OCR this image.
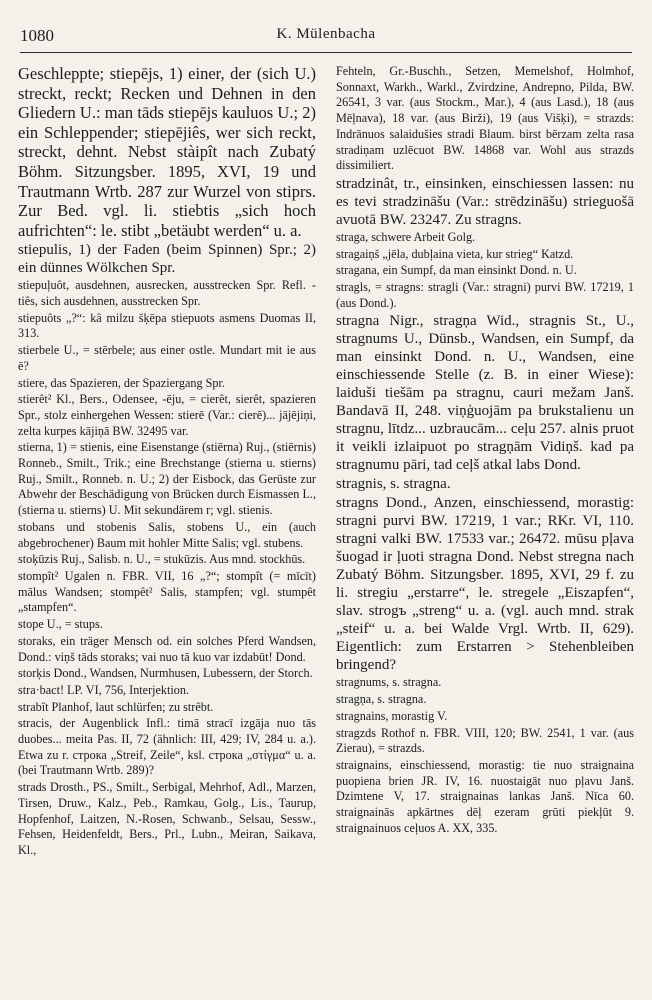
1080	K. Mülenbacha

Geschleppte; stiepējs, 1) einer, der (sich U.) streckt, reckt; Recken und Dehnen in den Gliedern U.: man tāds stiepējs kauluos U.; 2) ein Schleppender; stiepējiês, wer sich reckt, streckt, dehnt. Nebst stàipît nach Zubatý Böhm. Sitzungsber. 1895, XVI, 19 und Trautmann Wrtb. 287 zur Wurzel von stiprs. Zur Bed. vgl. li. stiebtis „sich hoch aufrichten“: le. stibt „betäubt werden“ u. a.

stiepulis, 1) der Faden (beim Spinnen) Spr.; 2) ein dünnes Wölkchen Spr.

stiepuļuôt, ausdehnen, ausrecken, ausstrecken Spr. Refl. -tiês, sich ausdehnen, ausstrecken Spr.

stiepuôts „?“: kâ milzu šķēpa stiepuots asmens Duomas II, 313.

stierbele U., = stērbele; aus einer ostle. Mundart mit ie aus ē?

stiere, das Spazieren, der Spaziergang Spr.

stierêt² Kl., Bers., Odensee, -ēju, = cierêt, sierêt, spazieren Spr., stolz einhergehen Wessen: stierē (Var.: cierē)... jājējiņi, zelta kurpes kājiņā BW. 32495 var.

stierna, 1) = stienis, eine Eisenstange (stiērna) Ruj., (stiērnis) Ronneb., Smilt., Trik.; eine Brechstange (stierna u. stierns) Ruj., Smilt., Ronneb. n. U.; 2) der Eisbock, das Gerüste zur Abwehr der Beschädigung von Brücken durch Eismassen L., (stierna u. stierns) U. Mit sekundärem r; vgl. stienis.

stobans und stobenis Salis, stobens U., ein (auch abgebrochener) Baum mit hohler Mitte Salis; vgl. stubens.

stoķūzis Ruj., Salisb. n. U., = stukūzis. Aus mnd. stockhūs.

stompît² Ugalen n. FBR. VII, 16 „?“; stompît (= mīcīt) mālus Wandsen; stompêt² Salis, stampfen; vgl. stumpêt „stampfen“.

stope U., = stups.

storaks, ein träger Mensch od. ein solches Pferd Wandsen, Dond.: viņš tāds storaks; vai nuo tā kuo var izdabūt! Dond.

storķis Dond., Wandsen, Nurmhusen, Lubessern, der Storch.

stra·bact! LP. VI, 756, Interjektion.

strabît Planhof, laut schlürfen; zu strêbt.

stracis, der Augenblick Infl.: timā stracī izgāja nuo tās duobes... meita Pas. II, 72 (ähnlich: III, 429; IV, 284 u. a.). Etwa zu r. строка „Streif, Zeile“, ksl. строка „στίγμα“ u. a. (bei Trautmann Wrtb. 289)?

strads Drosth., PS., Smilt., Serbigal, Mehrhof, Adl., Marzen, Tirsen, Druw., Kalz., Peb., Ramkau, Golg., Lis., Taurup, Hopfenhof, Laitzen, N.-Rosen, Schwanb., Selsau, Sessw., Fehsen, Heidenfeldt, Bers., Prl., Lubn., Meiran, Saikava, Kl.,

Fehteln, Gr.-Buschh., Setzen, Memelshof, Holmhof, Sonnaxt, Warkh., Warkl., Zvirdzine, Andrepno, Pilda, BW. 26541, 3 var. (aus Stockm., Mar.), 4 (aus Lasd.), 18 (aus Mēļnava), 18 var. (aus Birži), 19 (aus Višķi), = strazds: Indrānuos salaidušies stradi Blaum. birst bērzam zelta rasa stradiņam uzlēcuot BW. 14868 var. Wohl aus strazds dissimiliert.

stradzinât, tr., einsinken, einschiessen lassen: nu es tevi stradzināšu (Var.: strēdzināšu) strieguošā avuotā BW. 23247. Zu stragns.

straga, schwere Arbeit Golg.

stragaiņš „jēla, dubļaina vieta, kur strieg“ Katzd.

stragana, ein Sumpf, da man einsinkt Dond. n. U.

stragls, = stragns: stragli (Var.: stragni) purvi BW. 17219, 1 (aus Dond.).

stragna Nigr., stragņa Wid., stragnis St., U., stragnums U., Dünsb., Wandsen, ein Sumpf, da man einsinkt Dond. n. U., Wandsen, eine einschiessende Stelle (z. B. in einer Wiese): laiduši tiešām pa stragnu, cauri mežam Janš. Bandavā II, 248. viņģuojām pa brukstalienu un stragnu, lītdz... uzbraucām... ceļu 257. alnis pruot it veikli izlaipuot po stragņām Vidiņš. kad pa stragnumu pāri, tad ceļš atkal labs Dond.

stragnis, s. stragna.

stragns Dond., Anzen, einschiessend, morastig: stragni purvi BW. 17219, 1 var.; RKr. VI, 110. stragni valki BW. 17533 var.; 26472. mūsu pļava šuogad ir ļuoti stragna Dond. Nebst stregna nach Zubatý Böhm. Sitzungsber. 1895, XVI, 29 f. zu li. stregiu „erstarre“, le. stregele „Eiszapfen“, slav. strogъ „streng“ u. a. (vgl. auch mnd. strak „steif“ u. a. bei Walde Vrgl. Wrtb. II, 629). Eigentlich: zum Erstarren > Stehenbleiben bringend?

stragnums, s. stragna.

stragņa, s. stragna.

stragnains, morastig V.

stragzds Rothof n. FBR. VIII, 120; BW. 2541, 1 var. (aus Zierau), = strazds.

straignains, einschiessend, morastig: tie nuo straignaina puopiena brien JR. IV, 16. nuostaigāt nuo pļavu Janš. Dzimtene V, 17. straignainas lankas Janš. Nīca 60. straignainās apkārtnes dēļ ezeram grūti piekļūt 9. straignainuos ceļuos A. XX, 335.
